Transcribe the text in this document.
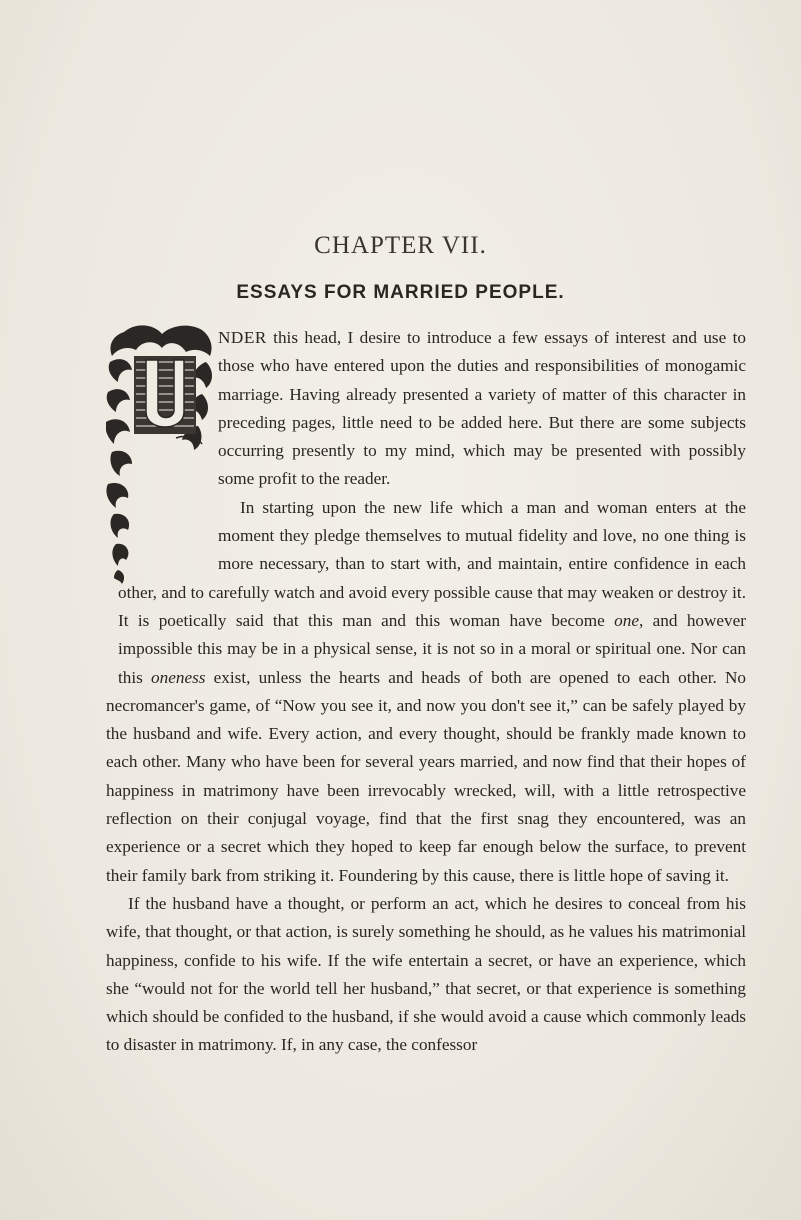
CHAPTER VII.
ESSAYS FOR MARRIED PEOPLE.

NDER this head, I desire to introduce a few essays of interest and use to those who have entered upon the duties and responsibilities of monogamic marriage. Having already presented a variety of matter of this character in preceding pages, little need to be added here. But there are some subjects occurring presently to my mind, which may be presented with possibly some profit to the reader.

In starting upon the new life which a man and woman enters at the moment they pledge themselves to mutual fidelity and love, no one thing is more necessary, than to start with, and maintain, entire confidence in each other, and to carefully watch and avoid every possible cause that may weaken or destroy it. It is poetically said that this man and this woman have become one, and however impossible this may be in a physical sense, it is not so in a moral or spiritual one. Nor can this oneness exist, unless the hearts and heads of both are opened to each other. No necromancer's game, of “Now you see it, and now you don't see it,” can be safely played by the husband and wife. Every action, and every thought, should be frankly made known to each other. Many who have been for several years married, and now find that their hopes of happiness in matrimony have been irrevocably wrecked, will, with a little retrospective reflection on their conjugal voyage, find that the first snag they encountered, was an experience or a secret which they hoped to keep far enough below the surface, to prevent their family bark from striking it. Foundering by this cause, there is little hope of saving it.

If the husband have a thought, or perform an act, which he desires to conceal from his wife, that thought, or that action, is surely something he should, as he values his matrimonial happiness, confide to his wife. If the wife entertain a secret, or have an experience, which she “would not for the world tell her husband,” that secret, or that experience is something which should be confided to the husband, if she would avoid a cause which commonly leads to disaster in matrimony. If, in any case, the confessor
